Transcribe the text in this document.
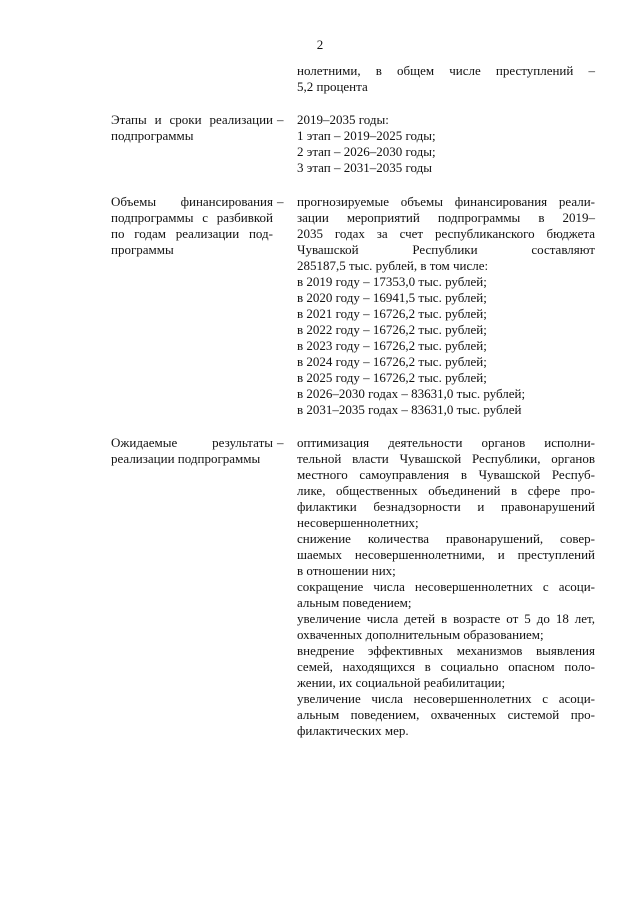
2
нолетними, в общем числе преступлений –
5,2 процента
Этапы и сроки реализации
подпрограммы
– 2019–2035 годы:
1 этап – 2019–2025 годы;
2 этап – 2026–2030 годы;
3 этап – 2031–2035 годы
Объемы финансирования
подпрограммы с разбивкой
по годам реализации под-
программы
– прогнозируемые объемы финансирования реали-
зации мероприятий подпрограммы в 2019–
2035 годах за счет республиканского бюджета
Чувашской Республики составляют
285187,5 тыс. рублей, в том числе:
в 2019 году – 17353,0 тыс. рублей;
в 2020 году – 16941,5 тыс. рублей;
в 2021 году – 16726,2 тыс. рублей;
в 2022 году – 16726,2 тыс. рублей;
в 2023 году – 16726,2 тыс. рублей;
в 2024 году – 16726,2 тыс. рублей;
в 2025 году – 16726,2 тыс. рублей;
в 2026–2030 годах – 83631,0 тыс. рублей;
в 2031–2035 годах – 83631,0 тыс. рублей
Ожидаемые результаты
реализации подпрограммы
– оптимизация деятельности органов исполни-
тельной власти Чувашской Республики, органов
местного самоуправления в Чувашской Респуб-
лике, общественных объединений в сфере про-
филактики безнадзорности и правонарушений
несовершеннолетних;
снижение количества правонарушений, совер-
шаемых несовершеннолетними, и преступлений
в отношении них;
сокращение числа несовершеннолетних с асоци-
альным поведением;
увеличение числа детей в возрасте от 5 до 18 лет,
охваченных дополнительным образованием;
внедрение эффективных механизмов выявления
семей, находящихся в социально опасном поло-
жении, их социальной реабилитации;
увеличение числа несовершеннолетних с асоци-
альным поведением, охваченных системой про-
филактических мер.
